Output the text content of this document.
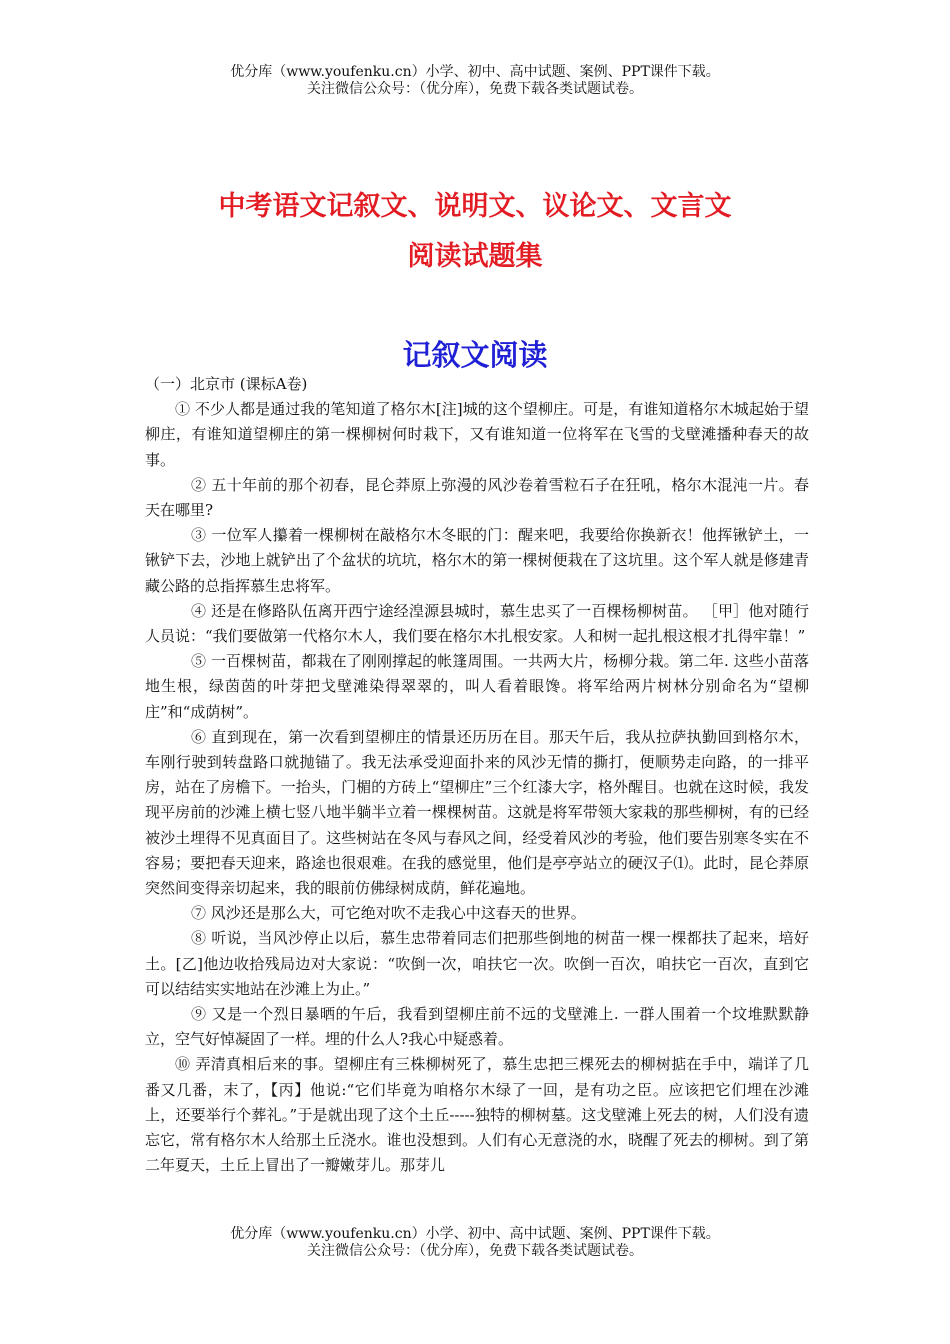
优分库（www.youfenku.cn）小学、初中、高中试题、案例、PPT课件下载。
关注微信公众号：（优分库），免费下载各类试题试卷。
中考语文记叙文、说明文、议论文、文言文
阅读试题集
记叙文阅读

（一）北京市 (课标A卷)

① 不少人都是通过我的笔知道了格尔木[注]城的这个望柳庄。可是，有谁知道格尔木城起始于望柳庄，有谁知道望柳庄的第一棵柳树何时栽下，又有谁知道一位将军在飞雪的戈壁滩播种春天的故事。

② 五十年前的那个初春，昆仑莽原上弥漫的风沙卷着雪粒石子在狂吼，格尔木混沌一片。春天在哪里?

③ 一位军人攥着一棵柳树在敲格尔木冬眠的门：醒来吧，我要给你换新衣！他挥锹铲土，一锹铲下去，沙地上就铲出了个盆状的坑坑，格尔木的第一棵树便栽在了这坑里。这个军人就是修建青藏公路的总指挥慕生忠将军。

④ 还是在修路队伍离开西宁途经湟源县城时，慕生忠买了一百棵杨柳树苗。 ［甲］他对随行人员说：“我们要做第一代格尔木人，我们要在格尔木扎根安家。人和树一起扎根这根才扎得牢靠！”

⑤ 一百棵树苗，都栽在了刚刚撑起的帐篷周围。一共两大片，杨柳分栽。第二年. 这些小苗落地生根，绿茵茵的叶芽把戈壁滩染得翠翠的，叫人看着眼馋。将军给两片树林分别命名为“望柳庄”和“成荫树”。

⑥ 直到现在，第一次看到望柳庄的情景还历历在目。那天午后，我从拉萨执勤回到格尔木，车刚行驶到转盘路口就抛锚了。我无法承受迎面扑来的风沙无情的撕打，便顺势走向路，的一排平房，站在了房檐下。一抬头，门楣的方砖上“望柳庄”三个红漆大字，格外醒目。也就在这时候，我发现平房前的沙滩上横七竖八地半躺半立着一棵棵树苗。这就是将军带领大家栽的那些柳树，有的已经被沙土埋得不见真面目了。这些树站在冬风与春风之间，经受着风沙的考验，他们要告别寒冬实在不容易；要把春天迎来，路途也很艰难。在我的感觉里，他们是亭亭站立的硬汉子⑴。此时，昆仑莽原突然间变得亲切起来，我的眼前仿佛绿树成荫，鲜花遍地。

⑦ 风沙还是那么大，可它绝对吹不走我心中这春天的世界。

⑧ 听说，当风沙停止以后，慕生忠带着同志们把那些倒地的树苗一棵一棵都扶了起来，培好土。[乙]他边收拾残局边对大家说：“吹倒一次，咱扶它一次。吹倒一百次，咱扶它一百次，直到它可以结结实实地站在沙滩上为止。”

⑨ 又是一个烈日暴晒的午后，我看到望柳庄前不远的戈壁滩上. 一群人围着一个坟堆默默静立，空气好悼凝固了一样。埋的什么人?我心中疑惑着。

⑩ 弄清真相后来的事。望柳庄有三株柳树死了，慕生忠把三棵死去的柳树掂在手中，端详了几番又几番，末了，【丙】他说:“它们毕竟为咱格尔木绿了一回，是有功之臣。应该把它们埋在沙滩上，还要举行个葬礼。”于是就出现了这个土丘-----独特的柳树墓。这戈壁滩上死去的树，人们没有遗忘它，常有格尔木人给那土丘浇水。谁也没想到。人们有心无意浇的水，晓醒了死去的柳树。到了第二年夏天，土丘上冒出了一瓣嫩芽儿。那芽儿

优分库（www.youfenku.cn）小学、初中、高中试题、案例、PPT课件下载。
关注微信公众号：（优分库），免费下载各类试题试卷。
